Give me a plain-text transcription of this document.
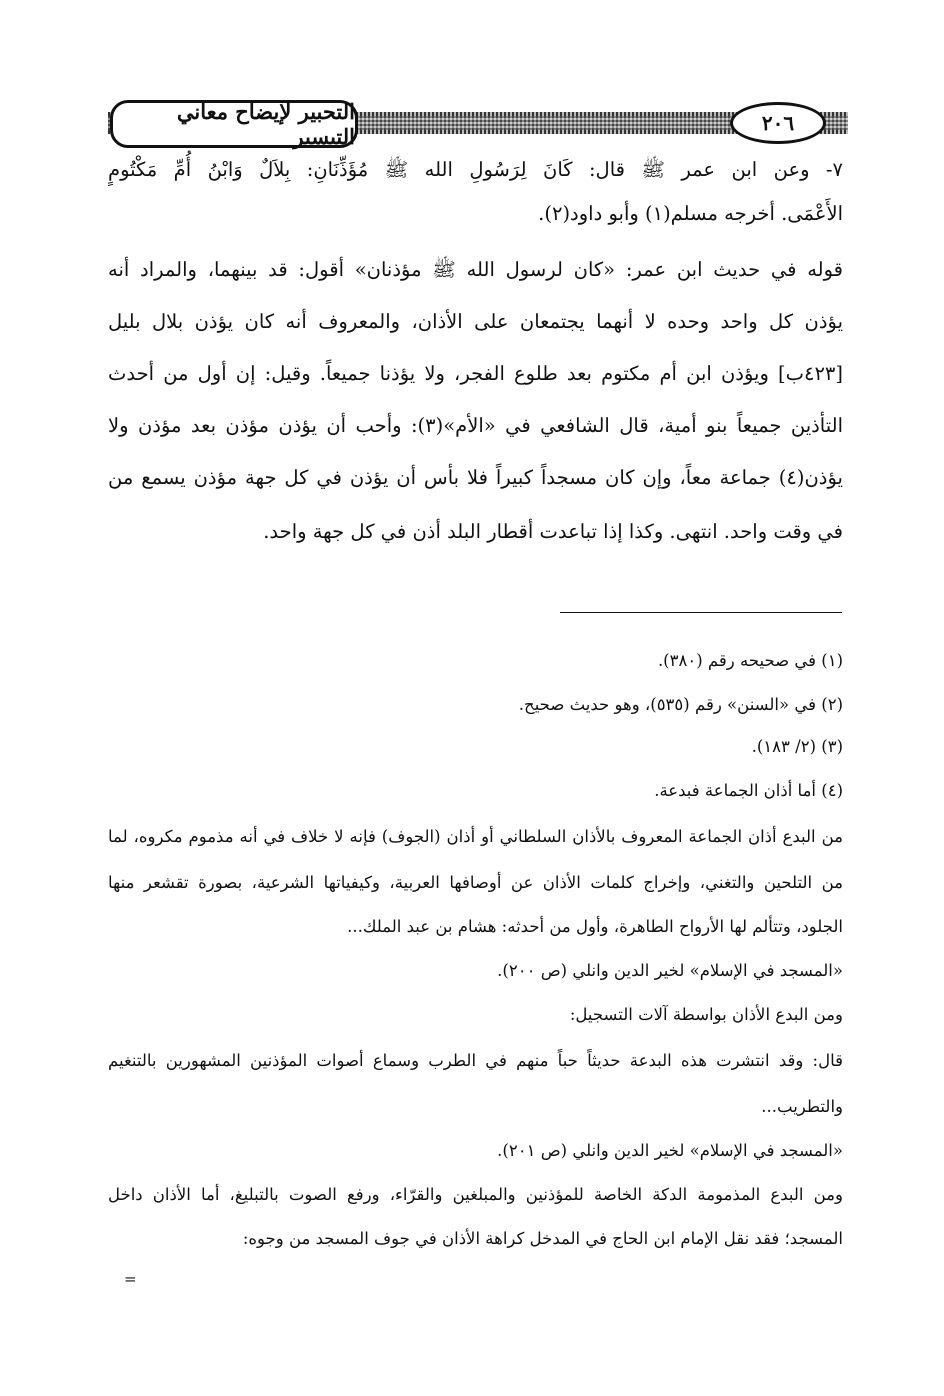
التحبير لإيضاح معاني التيسير
٢٠٦
٧- وعن ابن عمر ﷺ قال: كَانَ لِرَسُولِ الله ﷺ مُؤَذِّنَانِ: بِلاَلٌ وَابْنُ أُمِّ مَكْتُومٍ
الأَعْمَى. أخرجه مسلم(١) وأبو داود(٢).
قوله في حديث ابن عمر: «كان لرسول الله ﷺ مؤذنان» أقول: قد بينهما، والمراد أنه
يؤذن كل واحد وحده لا أنهما يجتمعان على الأذان، والمعروف أنه كان يؤذن بلال بليل
[٤٢٣ب] ويؤذن ابن أم مكتوم بعد طلوع الفجر، ولا يؤذنا جميعاً. وقيل: إن أول من أحدث
التأذين جميعاً بنو أمية، قال الشافعي في «الأم»(٣): وأحب أن يؤذن مؤذن بعد مؤذن ولا
يؤذن(٤) جماعة معاً، وإن كان مسجداً كبيراً فلا بأس أن يؤذن في كل جهة مؤذن يسمع من
في وقت واحد. انتهى. وكذا إذا تباعدت أقطار البلد أذن في كل جهة واحد.
(١) في صحيحه رقم (٣٨٠).
(٢) في «السنن» رقم (٥٣٥)، وهو حديث صحيح.
(٣) (٢/ ١٨٣).
(٤) أما أذان الجماعة فبدعة.
من البدع أذان الجماعة المعروف بالأذان السلطاني أو أذان (الجوف) فإنه لا خلاف في أنه مذموم مكروه، لما
من التلحين والتغني، وإخراج كلمات الأذان عن أوصافها العربية، وكيفياتها الشرعية، بصورة تقشعر منها
الجلود، وتتألم لها الأرواح الطاهرة، وأول من أحدثه: هشام بن عبد الملك...
«المسجد في الإسلام» لخير الدين وانلي (ص ٢٠٠).
ومن البدع الأذان بواسطة آلات التسجيل:
قال: وقد انتشرت هذه البدعة حديثاً حباً منهم في الطرب وسماع أصوات المؤذنين المشهورين بالتنغيم
والتطريب...
«المسجد في الإسلام» لخير الدين وانلي (ص ٢٠١).
ومن البدع المذمومة الدكة الخاصة للمؤذنين والمبلغين والقرّاء، ورفع الصوت بالتبليغ، أما الأذان داخل
المسجد؛ فقد نقل الإمام ابن الحاج في المدخل كراهة الأذان في جوف المسجد من وجوه:
=
